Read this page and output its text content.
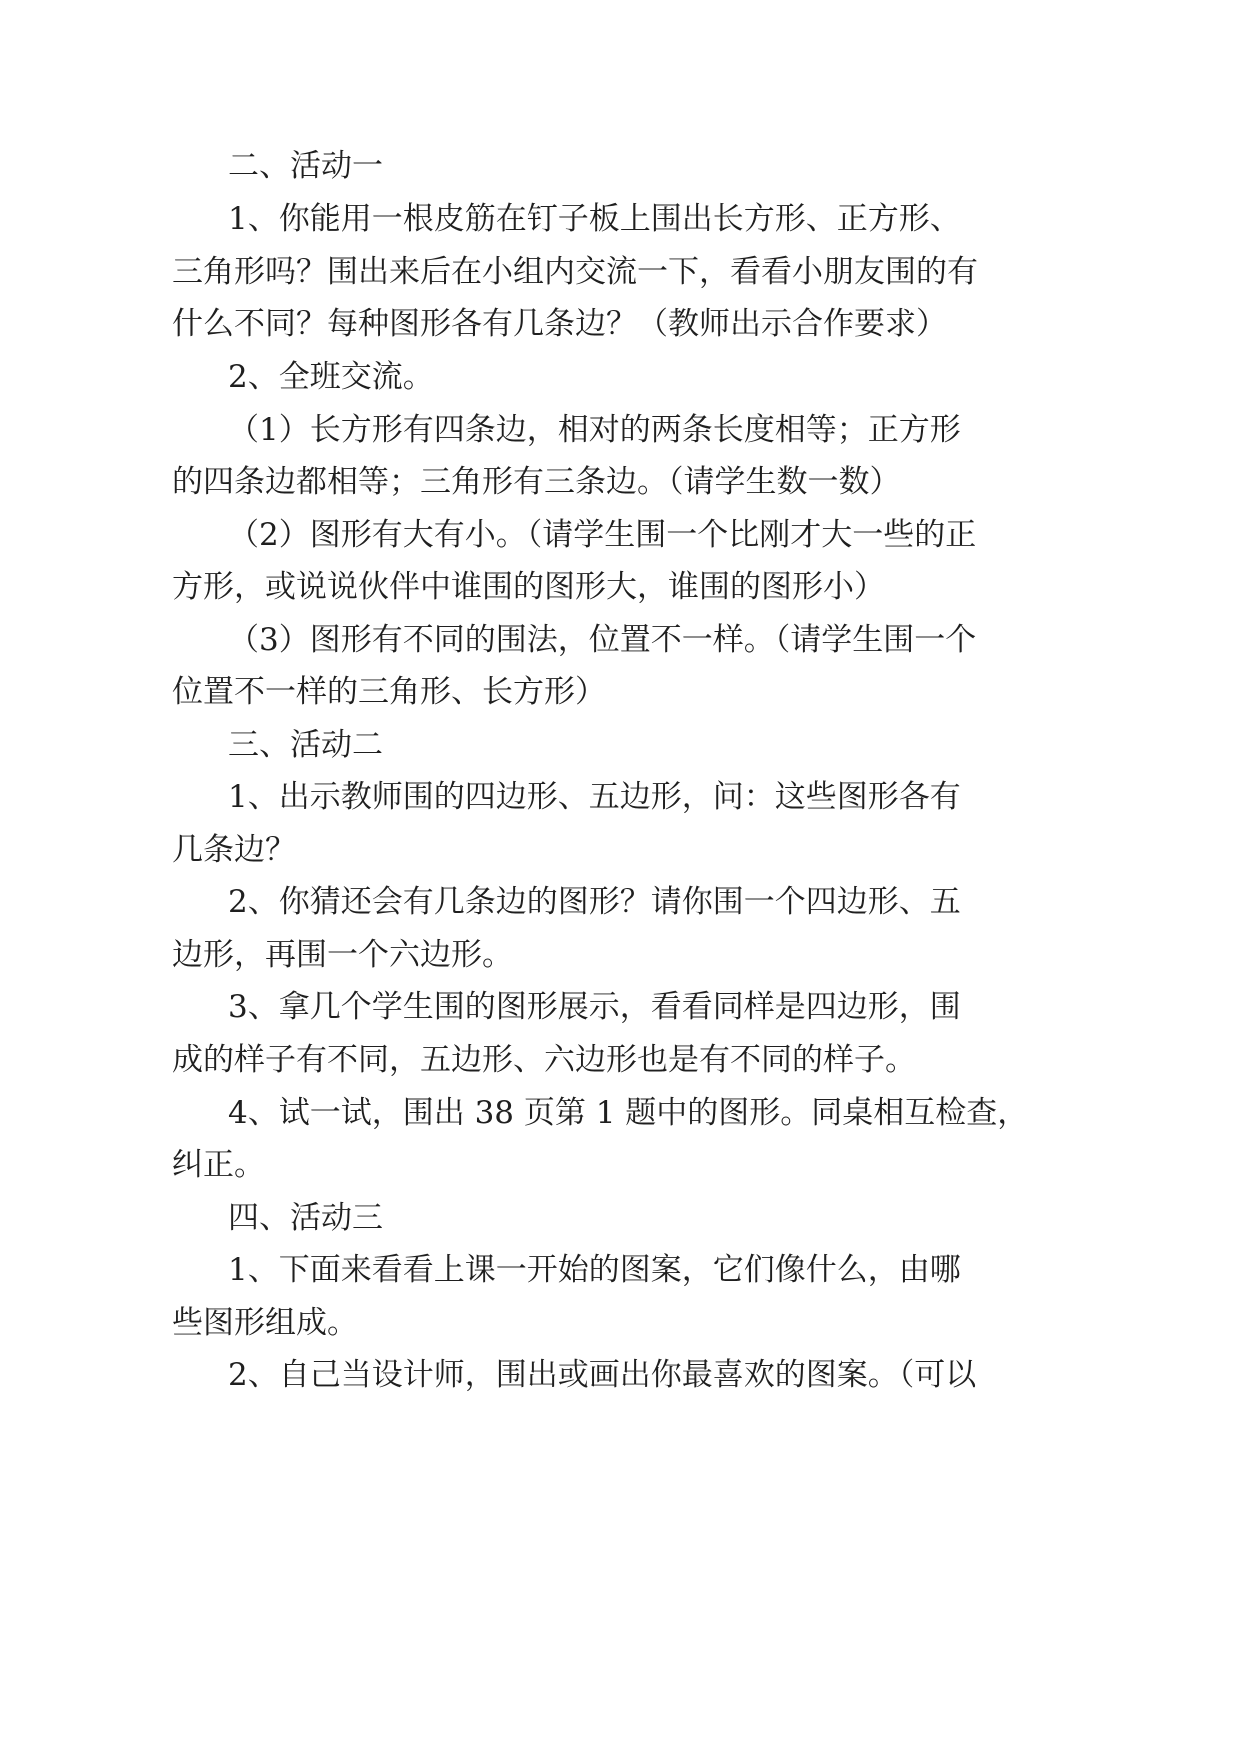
二、活动一
1、你能用一根皮筋在钉子板上围出长方形、正方形、
三角形吗？围出来后在小组内交流一下，看看小朋友围的有
什么不同？每种图形各有几条边？（教师出示合作要求）
2、全班交流。
（1）长方形有四条边，相对的两条长度相等；正方形
的四条边都相等；三角形有三条边。（请学生数一数）
（2）图形有大有小。（请学生围一个比刚才大一些的正
方形，或说说伙伴中谁围的图形大，谁围的图形小）
（3）图形有不同的围法，位置不一样。（请学生围一个
位置不一样的三角形、长方形）
三、活动二
1、出示教师围的四边形、五边形，问：这些图形各有
几条边？
2、你猜还会有几条边的图形？请你围一个四边形、五
边形，再围一个六边形。
3、拿几个学生围的图形展示，看看同样是四边形，围
成的样子有不同，五边形、六边形也是有不同的样子。
4、试一试，围出 38 页第 1 题中的图形。同桌相互检查，
纠正。
四、活动三
1、下面来看看上课一开始的图案，它们像什么，由哪
些图形组成。
2、自己当设计师，围出或画出你最喜欢的图案。（可以
